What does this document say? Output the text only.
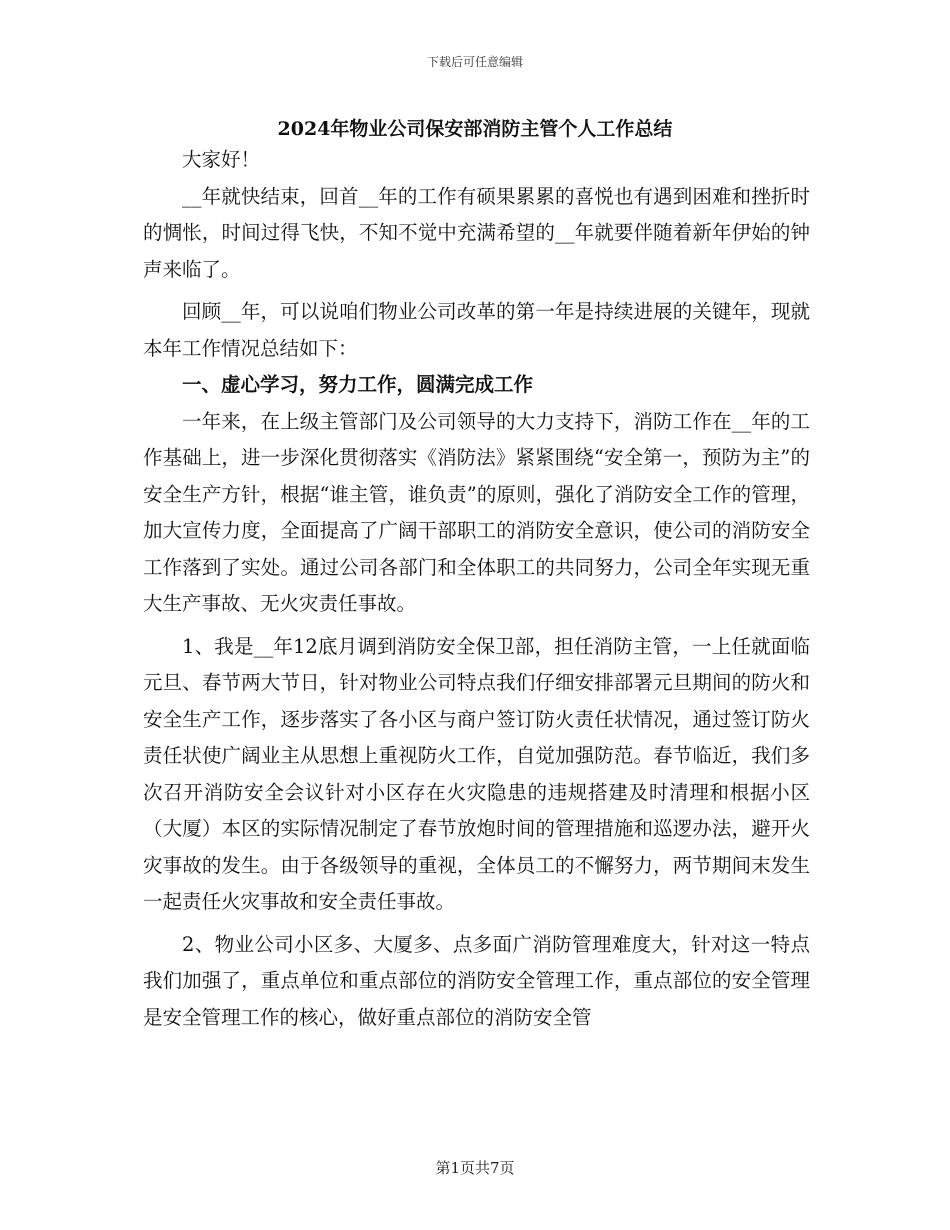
下载后可任意编辑
2024年物业公司保安部消防主管个人工作总结

大家好！

__年就快结束，回首__年的工作有硕果累累的喜悦也有遇到困难和挫折时的惆怅，时间过得飞快，不知不觉中充满希望的__年就要伴随着新年伊始的钟声来临了。

回顾__年，可以说咱们物业公司改革的第一年是持续进展的关键年，现就本年工作情况总结如下：

一、虚心学习，努力工作，圆满完成工作

一年来，在上级主管部门及公司领导的大力支持下，消防工作在__年的工作基础上，进一步深化贯彻落实《消防法》紧紧围绕“安全第一，预防为主”的安全生产方针，根据“谁主管，谁负责”的原则，强化了消防安全工作的管理，加大宣传力度，全面提高了广阔干部职工的消防安全意识，使公司的消防安全工作落到了实处。通过公司各部门和全体职工的共同努力，公司全年实现无重大生产事故、无火灾责任事故。

1、我是__年12底月调到消防安全保卫部，担任消防主管，一上任就面临元旦、春节两大节日，针对物业公司特点我们仔细安排部署元旦期间的防火和安全生产工作，逐步落实了各小区与商户签订防火责任状情况，通过签订防火责任状使广阔业主从思想上重视防火工作，自觉加强防范。春节临近，我们多次召开消防安全会议针对小区存在火灾隐患的违规搭建及时清理和根据小区（大厦）本区的实际情况制定了春节放炮时间的管理措施和巡逻办法，避开火灾事故的发生。由于各级领导的重视，全体员工的不懈努力，两节期间末发生一起责任火灾事故和安全责任事故。

2、物业公司小区多、大厦多、点多面广消防管理难度大，针对这一特点我们加强了，重点单位和重点部位的消防安全管理工作，重点部位的安全管理是安全管理工作的核心，做好重点部位的消防安全管

第1页共7页
